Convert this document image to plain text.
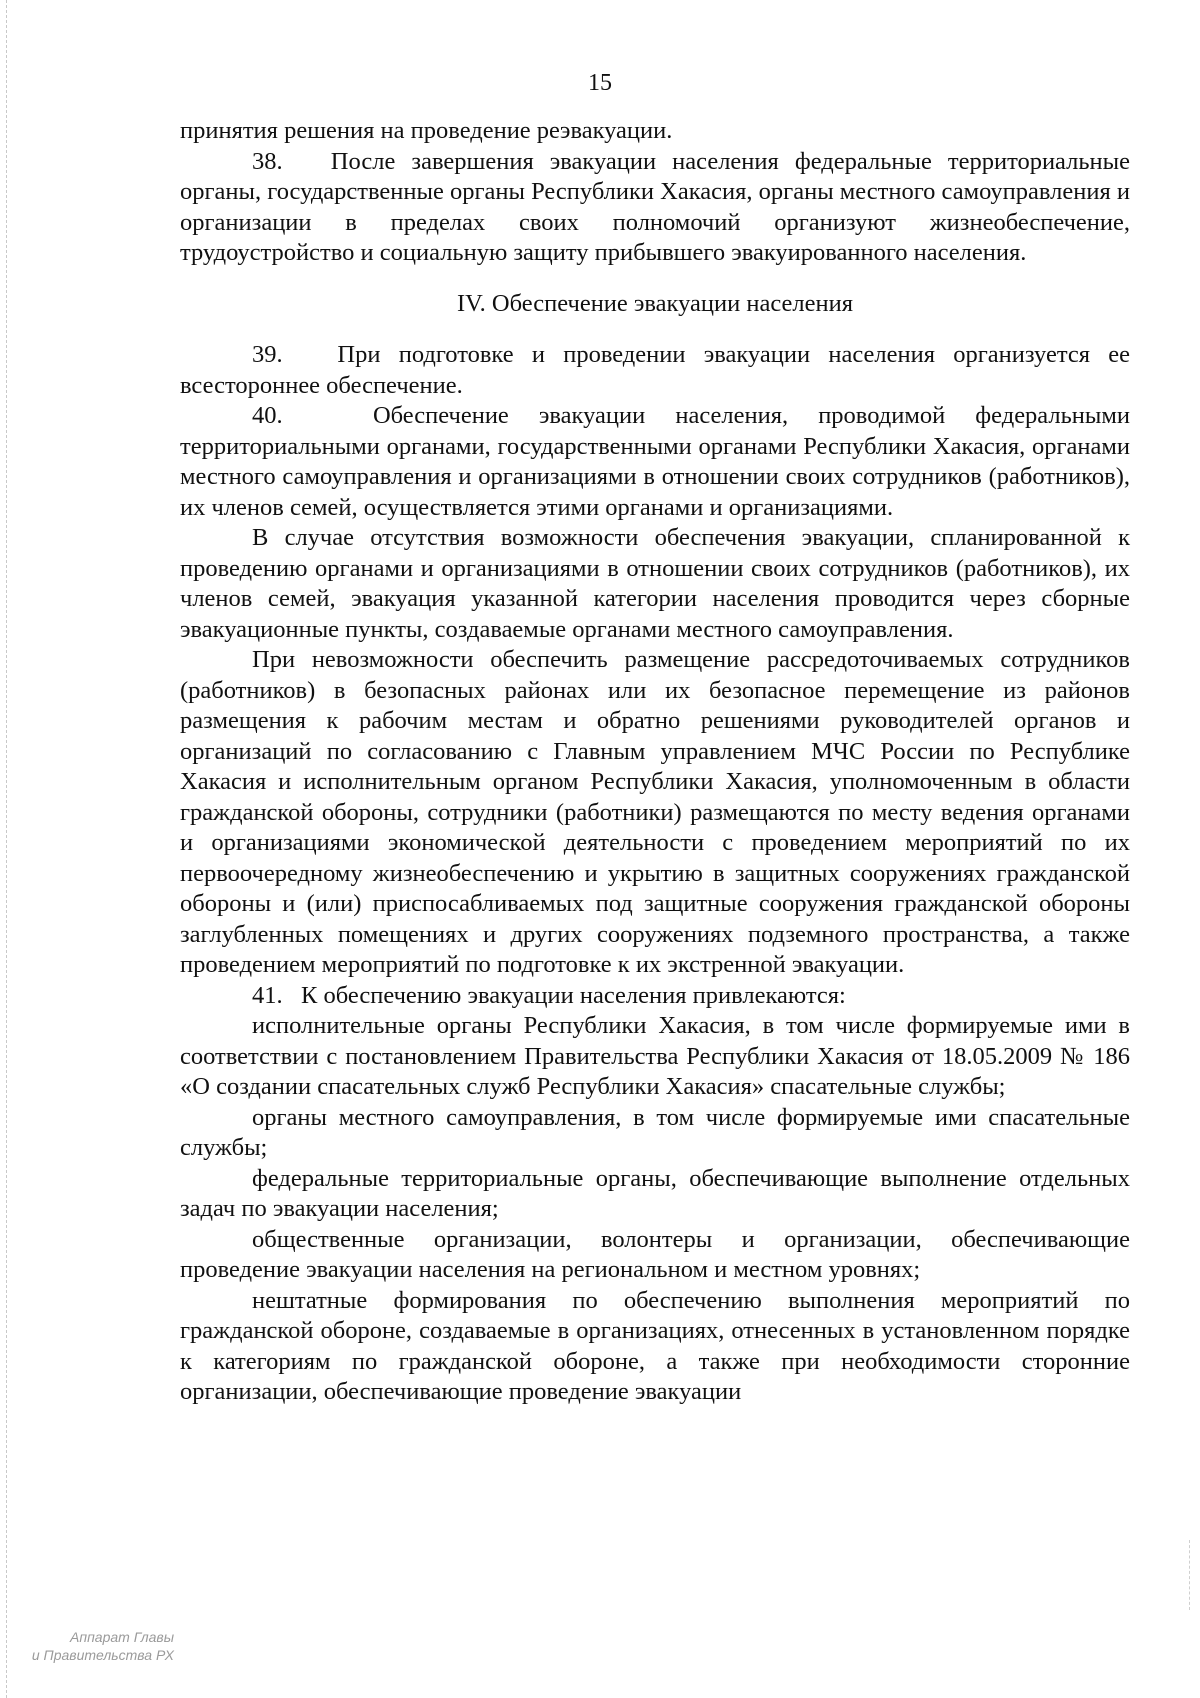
15

принятия решения на проведение реэвакуации.

38.   После завершения эвакуации населения федеральные территориальные органы, государственные органы Республики Хакасия, органы местного самоуправления и организации в пределах своих полномочий организуют жизнеобеспечение, трудоустройство и социальную защиту прибывшего эвакуированного населения.

IV. Обеспечение эвакуации населения

39.   При подготовке и проведении эвакуации населения организуется ее всестороннее обеспечение.

40.   Обеспечение эвакуации населения, проводимой федеральными территориальными органами, государственными органами Республики Хакасия, органами местного самоуправления и организациями в отношении своих сотрудников (работников), их членов семей, осуществляется этими органами и организациями.

В случае отсутствия возможности обеспечения эвакуации, спланированной к проведению органами и организациями в отношении своих сотрудников (работников), их членов семей, эвакуация указанной категории населения проводится через сборные эвакуационные пункты, создаваемые органами местного самоуправления.

При невозможности обеспечить размещение рассредоточиваемых сотрудников (работников) в безопасных районах или их безопасное перемещение из районов размещения к рабочим местам и обратно решениями руководителей органов и организаций по согласованию с Главным управлением МЧС России по Республике Хакасия и исполнительным органом Республики Хакасия, уполномоченным в области гражданской обороны, сотрудники (работники) размещаются по месту ведения органами и организациями экономической деятельности с проведением мероприятий по их первоочередному жизнеобеспечению и укрытию в защитных сооружениях гражданской обороны и (или) приспосабливаемых под защитные сооружения гражданской обороны заглубленных помещениях и других сооружениях подземного пространства, а также проведением мероприятий по подготовке к их экстренной эвакуации.

41.   К обеспечению эвакуации населения привлекаются:

исполнительные органы Республики Хакасия, в том числе формируемые ими в соответствии с постановлением Правительства Республики Хакасия от 18.05.2009 № 186 «О создании спасательных служб Республики Хакасия» спасательные службы;

органы местного самоуправления, в том числе формируемые ими спасательные службы;

федеральные территориальные органы, обеспечивающие выполнение отдельных задач по эвакуации населения;

общественные организации, волонтеры и организации, обеспечивающие проведение эвакуации населения на региональном и местном уровнях;

нештатные формирования по обеспечению выполнения мероприятий по гражданской обороне, создаваемые в организациях, отнесенных в установленном порядке к категориям по гражданской обороне, а также при необходимости сторонние организации, обеспечивающие проведение эвакуации

Аппарат Главы
и Правительства РХ
